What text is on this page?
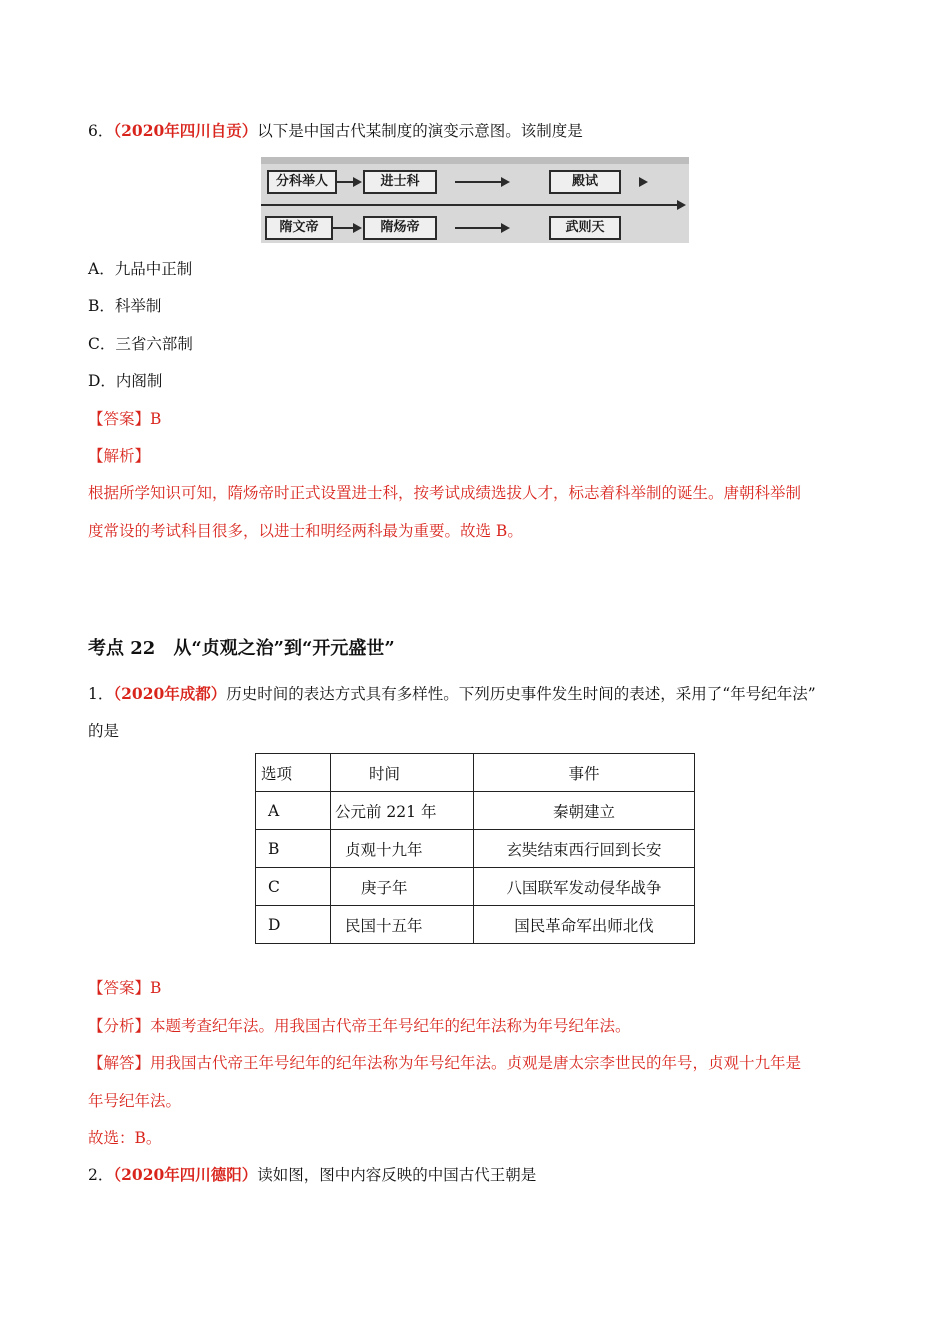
6．（2020年四川自贡）以下是中国古代某制度的演变示意图。该制度是
分科举人	进士科	殿试
隋文帝	隋炀帝	武则天
A．九品中正制
B．科举制
C．三省六部制
D．内阁制
【答案】B
【解析】
根据所学知识可知，隋炀帝时正式设置进士科，按考试成绩选拔人才，标志着科举制的诞生。唐朝科举制
度常设的考试科目很多，以进士和明经两科最为重要。故选 B。
考点 22　从“贞观之治”到“开元盛世”
1．（2020年成都）历史时间的表达方式具有多样性。下列历史事件发生时间的表述，采用了“年号纪年法”
的是
选项	时间	事件
A	公元前 221 年	秦朝建立
B	贞观十九年	玄奘结束西行回到长安
C	庚子年	八国联军发动侵华战争
D	民国十五年	国民革命军出师北伐
【答案】B
【分析】本题考查纪年法。用我国古代帝王年号纪年的纪年法称为年号纪年法。
【解答】用我国古代帝王年号纪年的纪年法称为年号纪年法。贞观是唐太宗李世民的年号，贞观十九年是
年号纪年法。
故选：B。
2．（2020年四川德阳）读如图，图中内容反映的中国古代王朝是
